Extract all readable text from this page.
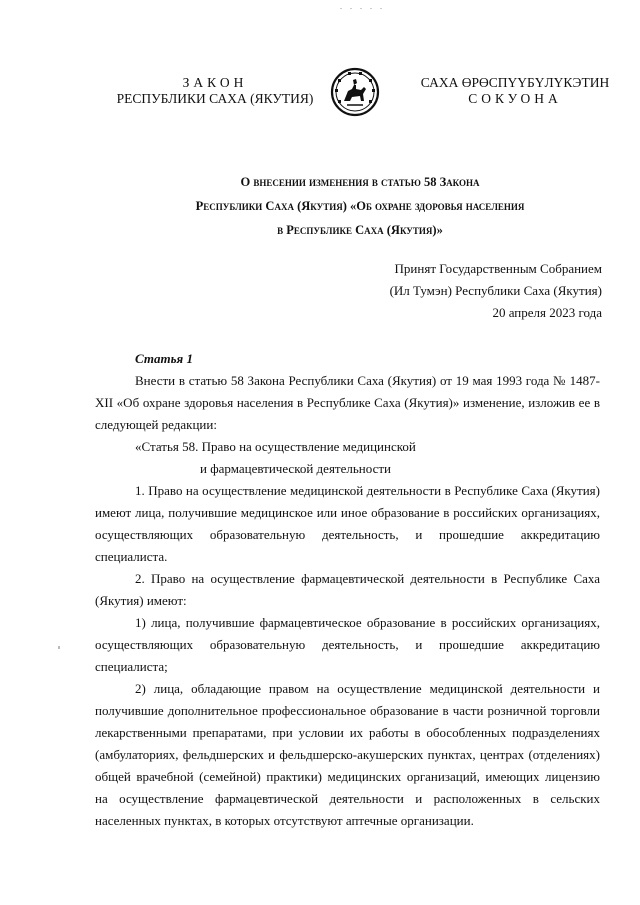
ЗАКОН
РЕСПУБЛИКИ САХА (ЯКУТИЯ)
САХА ӨРӨСПҮҮБҮЛҮКЭТИН
СОКУОНА
О внесении изменения в статью 58 Закона
Республики Саха (Якутия) «Об охране здоровья населения
в Республике Саха (Якутия)»
Принят Государственным Собранием
(Ил Тумэн) Республики Саха (Якутия)
20 апреля 2023 года

Статья 1

Внести в статью 58 Закона Республики Саха (Якутия) от 19 мая 1993 года № 1487-XII «Об охране здоровья населения в Республике Саха (Якутия)» изменение, изложив ее в следующей редакции:

«Статья 58. Право на осуществление медицинской

и фармацевтической деятельности

1. Право на осуществление медицинской деятельности в Республике Саха (Якутия) имеют лица, получившие медицинское или иное образование в российских организациях, осуществляющих образовательную деятельность, и прошедшие аккредитацию специалиста.

2. Право на осуществление фармацевтической деятельности в Республике Саха (Якутия) имеют:

1) лица, получившие фармацевтическое образование в российских организациях, осуществляющих образовательную деятельность, и прошедшие аккредитацию специалиста;

2) лица, обладающие правом на осуществление медицинской деятельности и получившие дополнительное профессиональное образование в части розничной торговли лекарственными препаратами, при условии их работы в обособленных подразделениях (амбулаториях, фельдшерских и фельдшерско-акушерских пунктах, центрах (отделениях) общей врачебной (семейной) практики) медицинских организаций, имеющих лицензию на осуществление фармацевтической деятельности и расположенных в сельских населенных пунктах, в которых отсутствуют аптечные организации.
